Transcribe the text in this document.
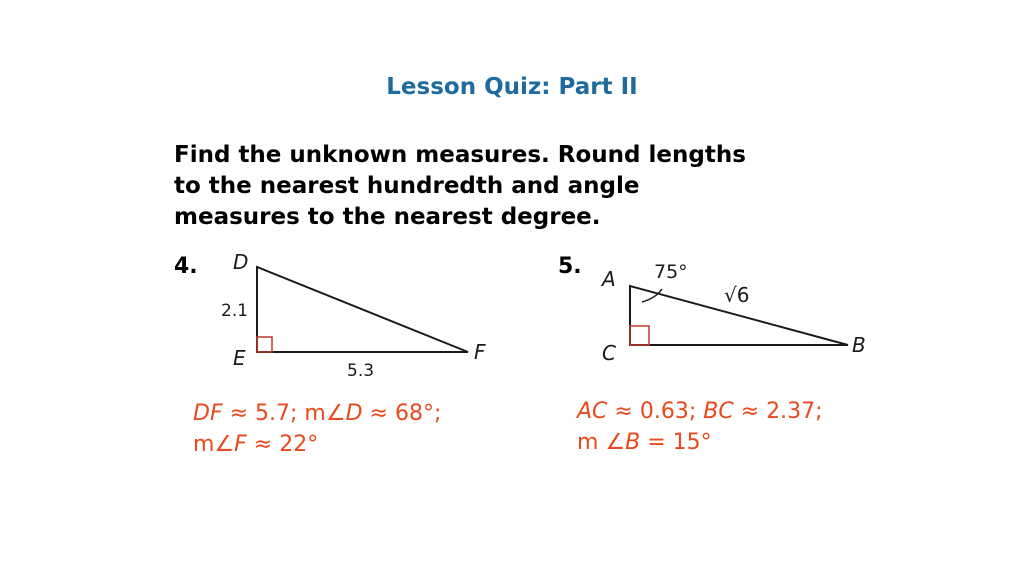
Lesson Quiz: Part II
Find the unknown measures. Round lengths
to the nearest hundredth and angle
measures to the nearest degree.
4. D
E	F
2.1
5.3
DF ≈ 5.7; m∠D ≈ 68°;
m∠F ≈ 22°
5. A
C	B
75°
√6
AC ≈ 0.63; BC ≈ 2.37;
m ∠B = 15°
